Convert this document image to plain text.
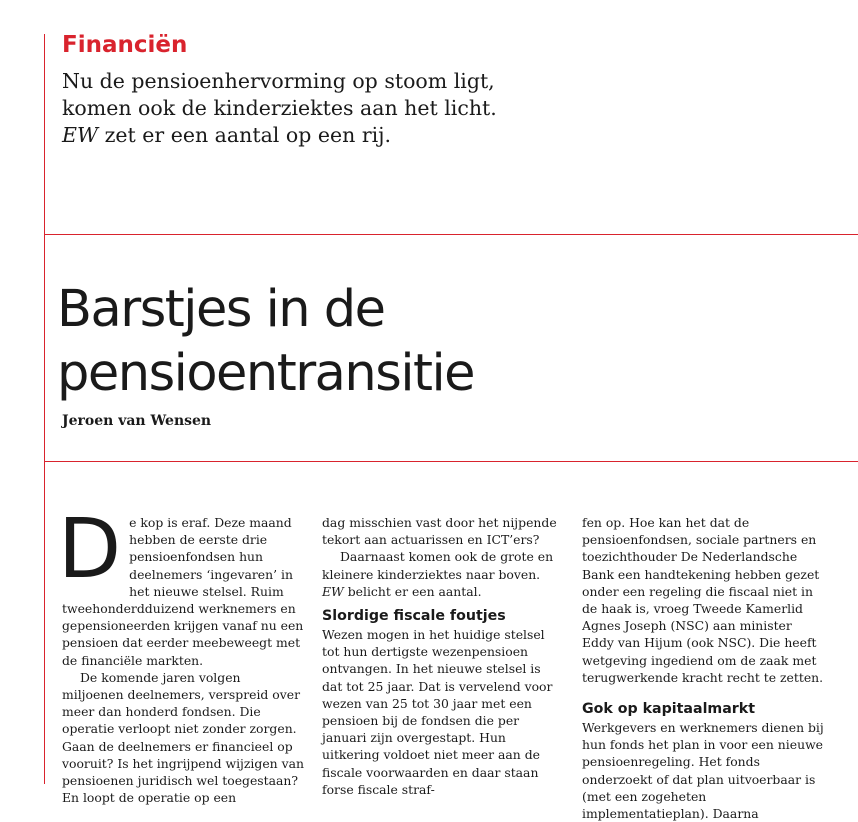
Financiën

Nu de pensioenhervorming op stoom ligt,
komen ook de kinderziektes aan het licht.
EW zet er een aantal op een rij.

Barstjes in de
pensioentransitie
Jeroen van Wensen
D e kop is eraf. Deze maand hebben de eerste drie pensioenfondsen hun deelnemers ‘ingevaren’ in het nieuwe stelsel. Ruim tweehonderdduizend werknemers en gepensioneerden krijgen vanaf nu een pensioen dat eerder meebeweegt met de financiële markten.

De komende jaren volgen miljoenen deelnemers, verspreid over meer dan honderd fondsen. Die operatie verloopt niet zonder zorgen. Gaan de deelnemers er financieel op vooruit? Is het ingrijpend wijzigen van pensioenen juridisch wel toegestaan? En loopt de operatie op een

dag misschien vast door het nijpende tekort aan actuarissen en ICT’ers?

Daarnaast komen ook de grote en kleinere kinderziektes naar boven. EW belicht er een aantal.

Slordige fiscale foutjes

Wezen mogen in het huidige stelsel tot hun dertigste wezenpensioen ontvangen. In het nieuwe stelsel is dat tot 25 jaar. Dat is vervelend voor wezen van 25 tot 30 jaar met een pensioen bij de fondsen die per januari zijn overgestapt. Hun uitkering voldoet niet meer aan de fiscale voorwaarden en daar staan forse fiscale straf-

fen op. Hoe kan het dat de pensioenfondsen, sociale partners en toezichthouder De Nederlandsche Bank een handtekening hebben gezet onder een regeling die fiscaal niet in de haak is, vroeg Tweede Kamerlid Agnes Joseph (NSC) aan minister Eddy van Hijum (ook NSC). Die heeft wetgeving ingediend om de zaak met terugwerkende kracht recht te zetten.

Gok op kapitaalmarkt

Werkgevers en werknemers dienen bij hun fonds het plan in voor een nieuwe pensioenregeling. Het fonds onderzoekt of dat plan uitvoerbaar is (met een zogeheten implementatieplan). Daarna
